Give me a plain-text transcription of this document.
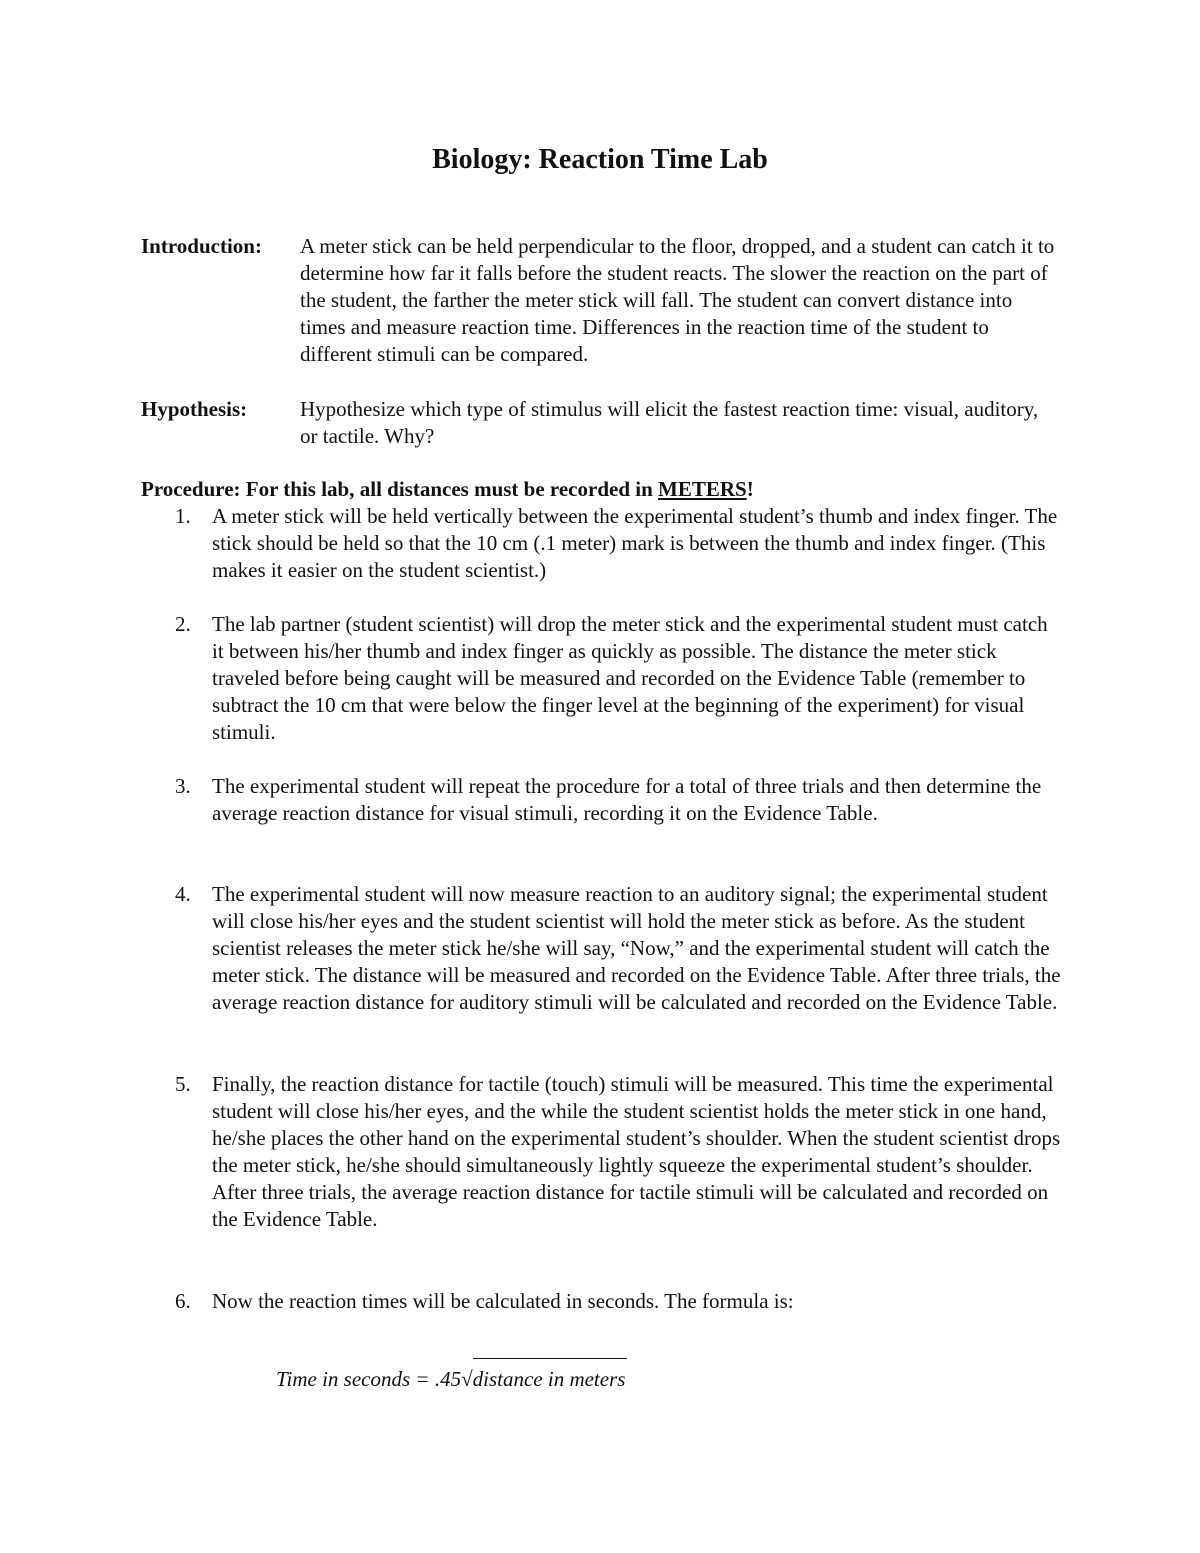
Biology: Reaction Time Lab
Introduction: A meter stick can be held perpendicular to the floor, dropped, and a student can catch it to determine how far it falls before the student reacts. The slower the reaction on the part of the student, the farther the meter stick will fall. The student can convert distance into times and measure reaction time. Differences in the reaction time of the student to different stimuli can be compared.
Hypothesis:	Hypothesize which type of stimulus will elicit the fastest reaction time: visual, auditory, or tactile. Why?
Procedure: For this lab, all distances must be recorded in METERS!
1.	A meter stick will be held vertically between the experimental student’s thumb and index finger. The stick should be held so that the 10 cm (.1 meter) mark is between the thumb and index finger. (This makes it easier on the student scientist.)
2.	The lab partner (student scientist) will drop the meter stick and the experimental student must catch it between his/her thumb and index finger as quickly as possible. The distance the meter stick traveled before being caught will be measured and recorded on the Evidence Table (remember to subtract the 10 cm that were below the finger level at the beginning of the experiment) for visual stimuli.
3.	The experimental student will repeat the procedure for a total of three trials and then determine the average reaction distance for visual stimuli, recording it on the Evidence Table.
4.	The experimental student will now measure reaction to an auditory signal; the experimental student will close his/her eyes and the student scientist will hold the meter stick as before. As the student scientist releases the meter stick he/she will say, “Now,” and the experimental student will catch the meter stick. The distance will be measured and recorded on the Evidence Table. After three trials, the average reaction distance for auditory stimuli will be calculated and recorded on the Evidence Table.
5.	Finally, the reaction distance for tactile (touch) stimuli will be measured. This time the experimental student will close his/her eyes, and the while the student scientist holds the meter stick in one hand, he/she places the other hand on the experimental student’s shoulder. When the student scientist drops the meter stick, he/she should simultaneously lightly squeeze the experimental student’s shoulder. After three trials, the average reaction distance for tactile stimuli will be calculated and recorded on the Evidence Table.
6.	Now the reaction times will be calculated in seconds. The formula is:
Time in seconds = .45√
distance in meters
